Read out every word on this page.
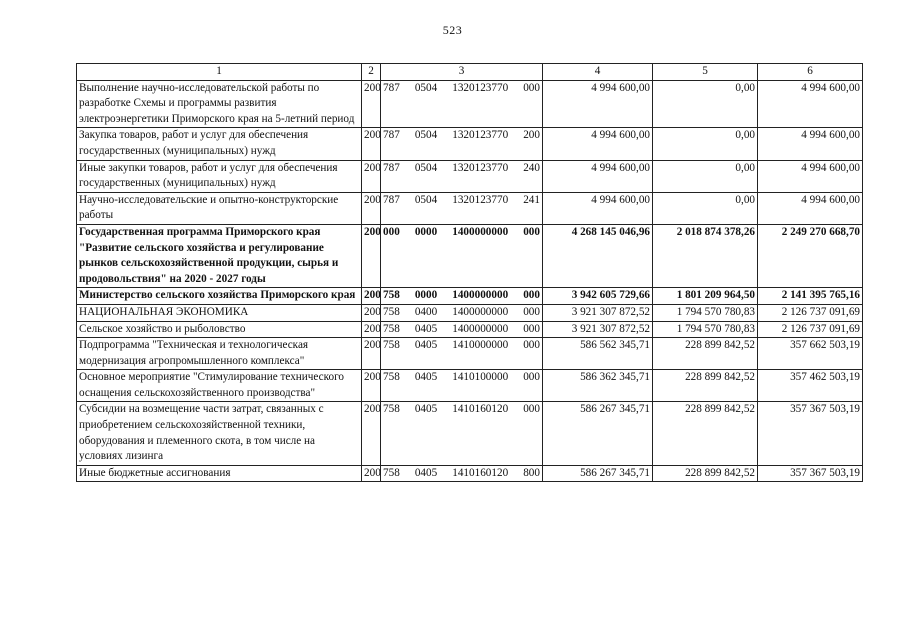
523
1	2	3	4	5	6
Выполнение научно-исследовательской работы по разработке Схемы и программы развития электроэнергетики Приморского края на 5-летний период	200	787 0504 1320123770 000	4 994 600,00	0,00	4 994 600,00
Закупка товаров, работ и услуг для обеспечения государственных (муниципальных) нужд	200	787 0504 1320123770 200	4 994 600,00	0,00	4 994 600,00
Иные закупки товаров, работ и услуг для обеспечения государственных (муниципальных) нужд	200	787 0504 1320123770 240	4 994 600,00	0,00	4 994 600,00
Научно-исследовательские и опытно-конструкторские работы	200	787 0504 1320123770 241	4 994 600,00	0,00	4 994 600,00
Государственная программа Приморского края "Развитие сельского хозяйства и регулирование рынков сельскохозяйственной продукции, сырья и продовольствия" на 2020 - 2027 годы	200	000 0000 1400000000 000	4 268 145 046,96	2 018 874 378,26	2 249 270 668,70
Министерство сельского хозяйства Приморского края	200	758 0000 1400000000 000	3 942 605 729,66	1 801 209 964,50	2 141 395 765,16
НАЦИОНАЛЬНАЯ ЭКОНОМИКА	200	758 0400 1400000000 000	3 921 307 872,52	1 794 570 780,83	2 126 737 091,69
Сельское хозяйство и рыболовство	200	758 0405 1400000000 000	3 921 307 872,52	1 794 570 780,83	2 126 737 091,69
Подпрограмма "Техническая и технологическая модернизация агропромышленного комплекса"	200	758 0405 1410000000 000	586 562 345,71	228 899 842,52	357 662 503,19
Основное мероприятие "Стимулирование технического оснащения сельскохозяйственного производства"	200	758 0405 1410100000 000	586 362 345,71	228 899 842,52	357 462 503,19
Субсидии на возмещение части затрат, связанных с приобретением сельскохозяйственной техники, оборудования и племенного скота, в том числе на условиях лизинга	200	758 0405 1410160120 000	586 267 345,71	228 899 842,52	357 367 503,19
Иные бюджетные ассигнования	200	758 0405 1410160120 800	586 267 345,71	228 899 842,52	357 367 503,19
